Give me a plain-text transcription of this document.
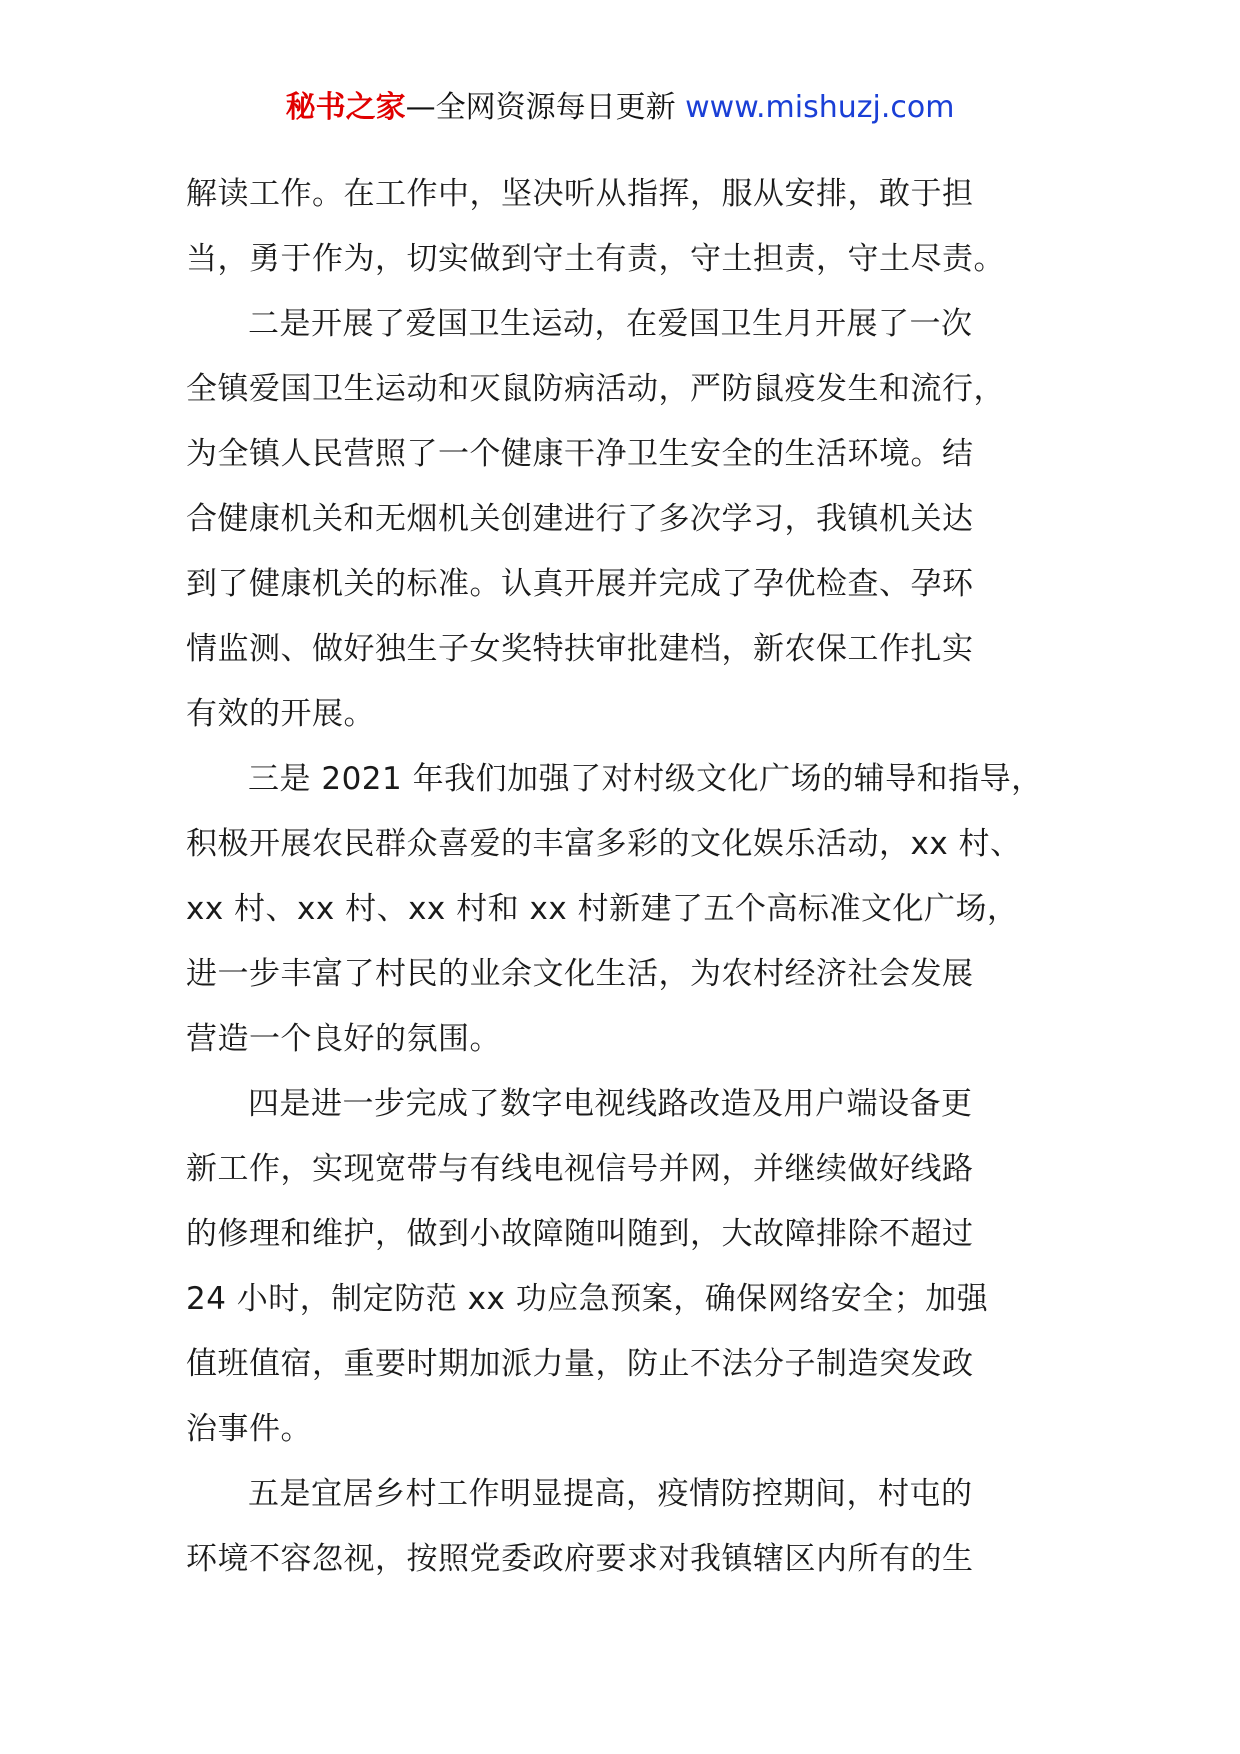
秘书之家—全网资源每日更新 www.mishuzj.com
解读工作。在工作中，坚决听从指挥，服从安排，敢于担
当，勇于作为，切实做到守土有责，守土担责，守土尽责。
二是开展了爱国卫生运动，在爱国卫生月开展了一次
全镇爱国卫生运动和灭鼠防病活动，严防鼠疫发生和流行，
为全镇人民营照了一个健康干净卫生安全的生活环境。结
合健康机关和无烟机关创建进行了多次学习，我镇机关达
到了健康机关的标准。认真开展并完成了孕优检查、孕环
情监测、做好独生子女奖特扶审批建档，新农保工作扎实
有效的开展。
三是 2021 年我们加强了对村级文化广场的辅导和指导，
积极开展农民群众喜爱的丰富多彩的文化娱乐活动，xx 村、
xx 村、xx 村、xx 村和 xx 村新建了五个高标准文化广场，
进一步丰富了村民的业余文化生活，为农村经济社会发展
营造一个良好的氛围。
四是进一步完成了数字电视线路改造及用户端设备更
新工作，实现宽带与有线电视信号并网，并继续做好线路
的修理和维护，做到小故障随叫随到，大故障排除不超过
24 小时，制定防范 xx 功应急预案，确保网络安全；加强
值班值宿，重要时期加派力量，防止不法分子制造突发政
治事件。
五是宜居乡村工作明显提高，疫情防控期间，村屯的
环境不容忽视，按照党委政府要求对我镇辖区内所有的生
